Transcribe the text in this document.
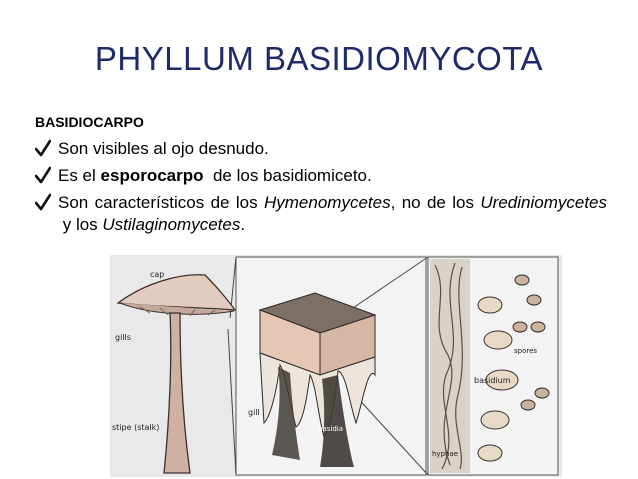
PHYLLUM BASIDIOMYCOTA
BASIDIOCARPO
Son visibles al ojo desnudo.
Es el esporocarpo  de los basidiomiceto.
Son característicos de los Hymenomycetes, no de los Urediniomycetes y los Ustilaginomycetes.
cap
gills
stipe (stalk)
gill
basidia
spores
basidium
hyphae
